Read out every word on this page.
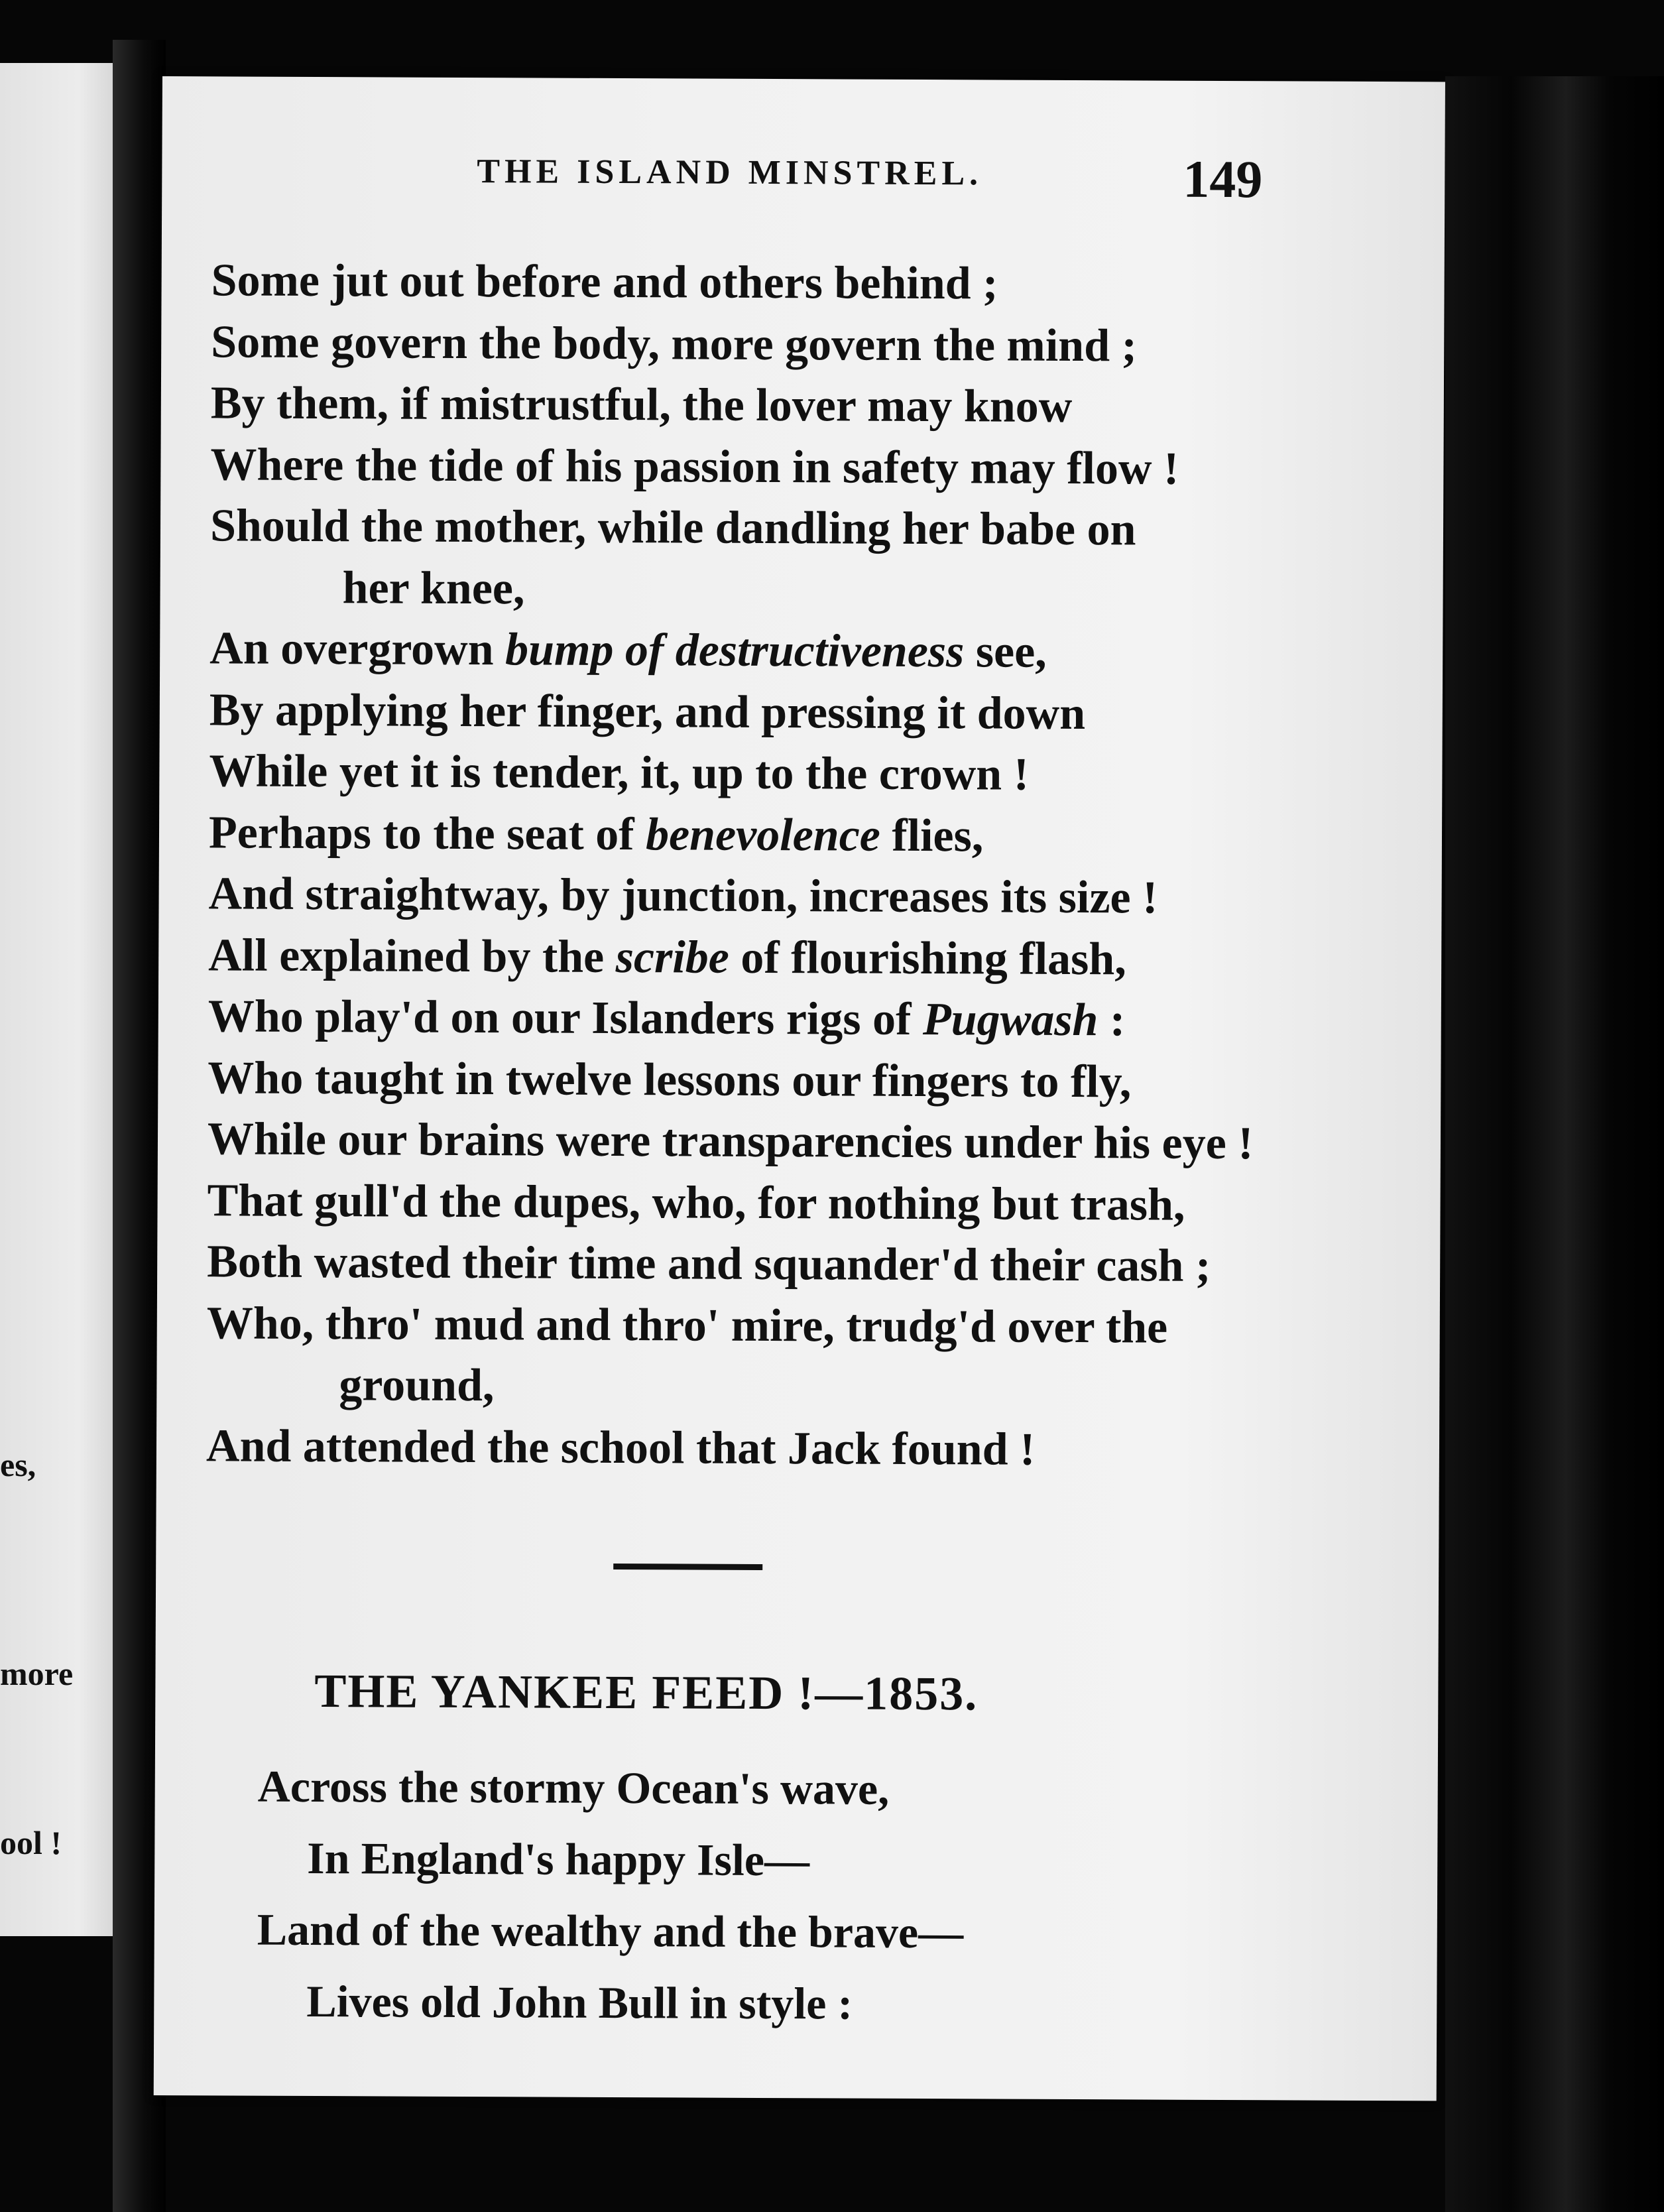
es,
more
ool !
THE ISLAND MINSTREL.	149
Some jut out before and others behind ;
Some govern the body, more govern the mind ;
By them, if mistrustful, the lover may know
Where the tide of his passion in safety may flow !
Should the mother, while dandling her babe on
her knee,
An overgrown bump of destructiveness see,
By applying her finger, and pressing it down
While yet it is tender, it, up to the crown !
Perhaps to the seat of benevolence flies,
And straightway, by junction, increases its size !
All explained by the scribe of flourishing flash,
Who play'd on our Islanders rigs of Pugwash :
Who taught in twelve lessons our fingers to fly,
While our brains were transparencies under his eye !
That gull'd the dupes, who, for nothing but trash,
Both wasted their time and squander'd their cash ;
Who, thro' mud and thro' mire, trudg'd over the
ground,
And attended the school that Jack found !
THE YANKEE FEED !—1853.
Across the stormy Ocean's wave,
In England's happy Isle—
Land of the wealthy and the brave—
Lives old John Bull in style :
